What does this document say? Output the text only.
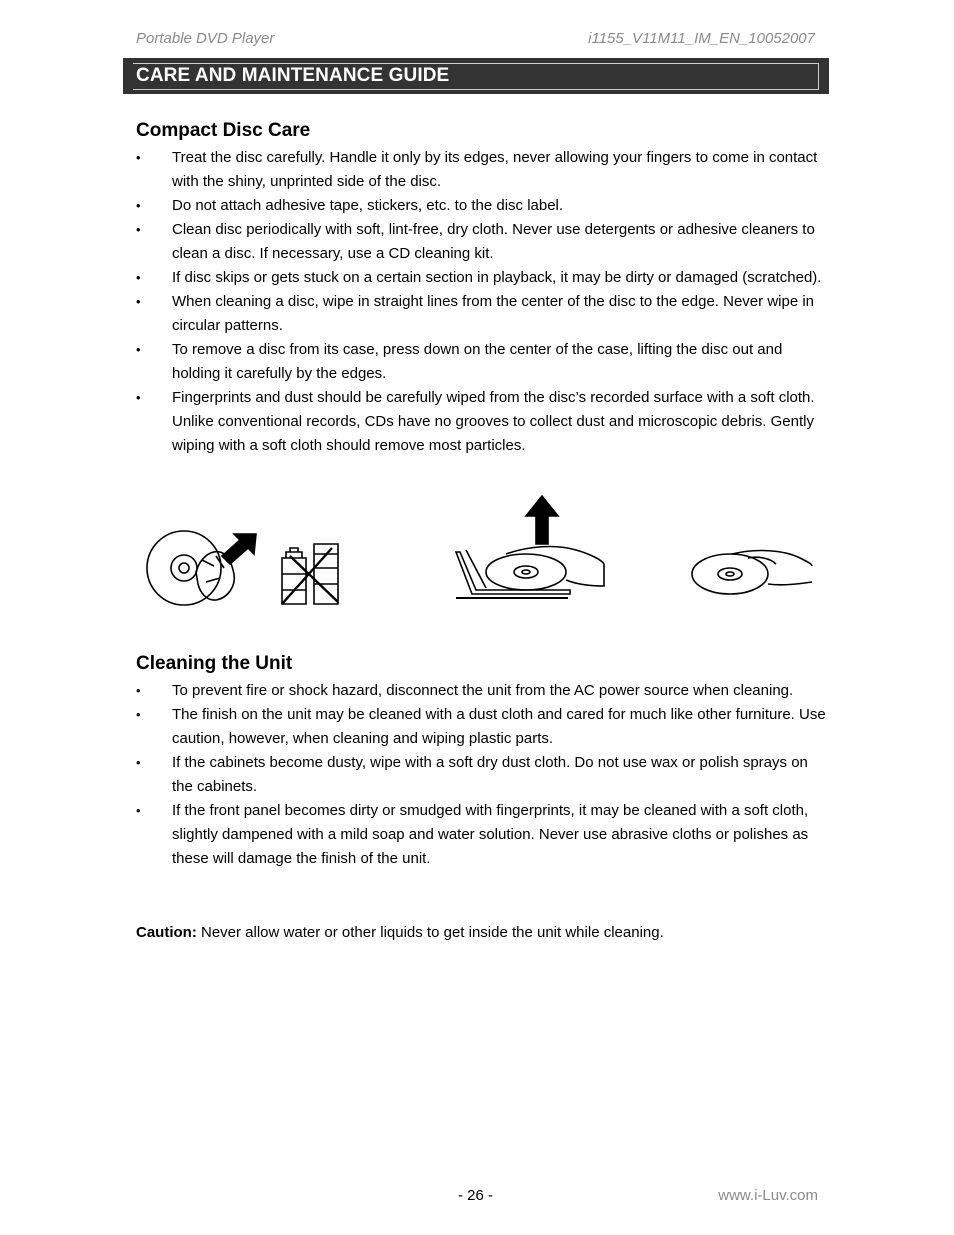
Portable DVD Player	i1155_V11M11_IM_EN_10052007
CARE AND MAINTENANCE GUIDE
Compact Disc Care
• Treat the disc carefully. Handle it only by its edges, never allowing your fingers to come in contact with the shiny, unprinted side of the disc.
• Do not attach adhesive tape, stickers, etc. to the disc label.
• Clean disc periodically with soft, lint-free, dry cloth. Never use detergents or adhesive cleaners to clean a disc. If necessary, use a CD cleaning kit.
• If disc skips or gets stuck on a certain section in playback, it may be dirty or damaged (scratched).
• When cleaning a disc, wipe in straight lines from the center of the disc to the edge. Never wipe in circular patterns.
• To remove a disc from its case, press down on the center of the case, lifting the disc out and holding it carefully by the edges.
• Fingerprints and dust should be carefully wiped from the disc’s recorded surface with a soft cloth. Unlike conventional records, CDs have no grooves to collect dust and microscopic debris. Gently wiping with a soft cloth should remove most particles.
Cleaning the Unit
• To prevent fire or shock hazard, disconnect the unit from the AC power source when cleaning.
• The finish on the unit may be cleaned with a dust cloth and cared for much like other furniture. Use caution, however, when cleaning and wiping plastic parts.
• If the cabinets become dusty, wipe with a soft dry dust cloth. Do not use wax or polish sprays on the cabinets.
• If the front panel becomes dirty or smudged with fingerprints, it may be cleaned with a soft cloth, slightly dampened with a mild soap and water solution. Never use abrasive cloths or polishes as these will damage the finish of the unit.
Caution: Never allow water or other liquids to get inside the unit while cleaning.
- 26 -	www.i-Luv.com
